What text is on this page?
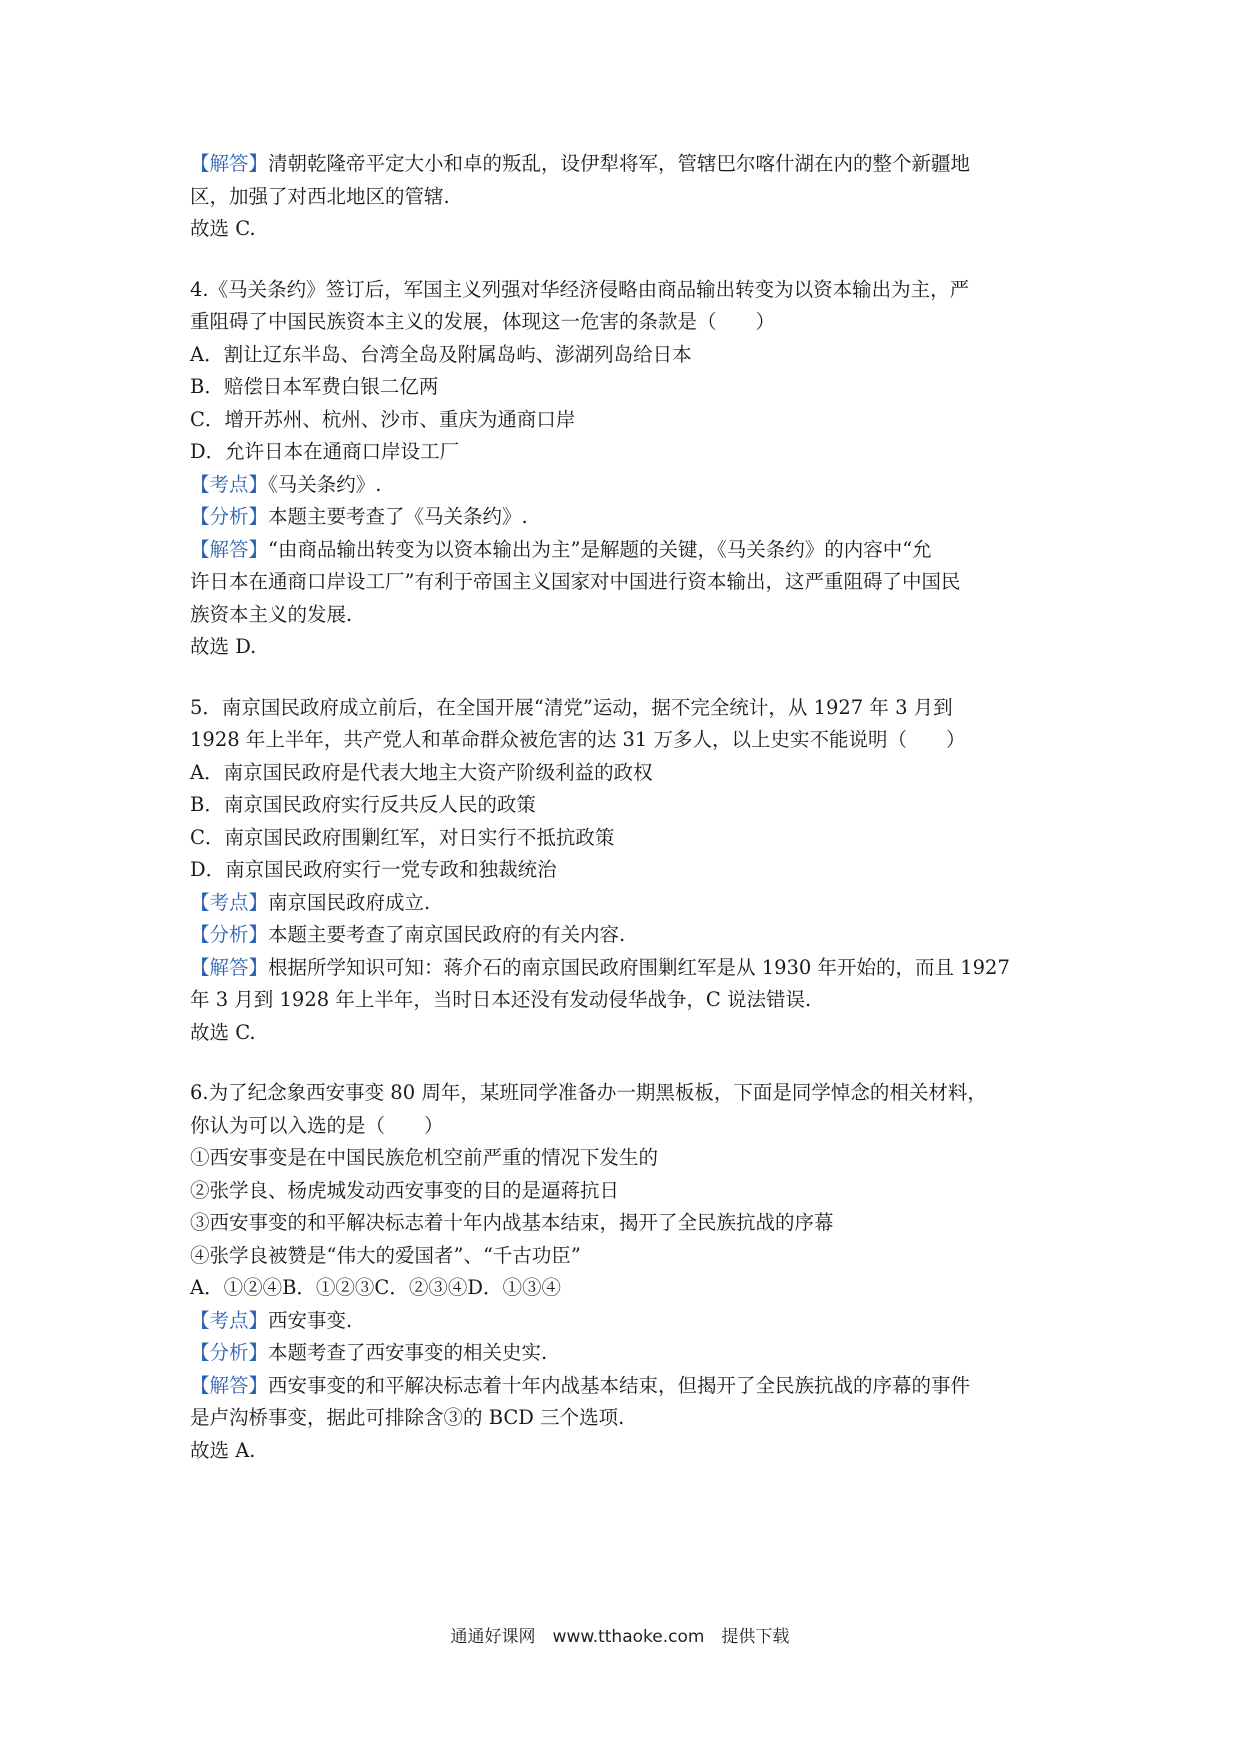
【解答】清朝乾隆帝平定大小和卓的叛乱，设伊犁将军，管辖巴尔喀什湖在内的整个新疆地
区，加强了对西北地区的管辖.
故选 C.
4.《马关条约》签订后，军国主义列强对华经济侵略由商品输出转变为以资本输出为主，严
重阻碍了中国民族资本主义的发展，体现这一危害的条款是（　　）
A．割让辽东半岛、台湾全岛及附属岛屿、澎湖列岛给日本
B．赔偿日本军费白银二亿两
C．增开苏州、杭州、沙市、重庆为通商口岸
D．允许日本在通商口岸设工厂
【考点】《马关条约》.
【分析】本题主要考查了《马关条约》.
【解答】“由商品输出转变为以资本输出为主”是解题的关键，《马关条约》的内容中“允
许日本在通商口岸设工厂”有利于帝国主义国家对中国进行资本输出，这严重阻碍了中国民
族资本主义的发展.
故选 D.
5．南京国民政府成立前后，在全国开展“清党”运动，据不完全统计，从 1927 年 3 月到
1928 年上半年，共产党人和革命群众被危害的达 31 万多人，以上史实不能说明（　　）
A．南京国民政府是代表大地主大资产阶级利益的政权
B．南京国民政府实行反共反人民的政策
C．南京国民政府围剿红军，对日实行不抵抗政策
D．南京国民政府实行一党专政和独裁统治
【考点】南京国民政府成立.
【分析】本题主要考查了南京国民政府的有关内容.
【解答】根据所学知识可知：蒋介石的南京国民政府围剿红军是从 1930 年开始的，而且 1927
年 3 月到 1928 年上半年，当时日本还没有发动侵华战争，C 说法错误.
故选 C.
6.为了纪念象西安事变 80 周年，某班同学准备办一期黑板板，下面是同学悼念的相关材料，
你认为可以入选的是（　　）
①西安事变是在中国民族危机空前严重的情况下发生的
②张学良、杨虎城发动西安事变的目的是逼蒋抗日
③西安事变的和平解决标志着十年内战基本结束，揭开了全民族抗战的序幕
④张学良被赞是“伟大的爱国者”、“千古功臣”
A．①②④B．①②③C．②③④D．①③④
【考点】西安事变.
【分析】本题考查了西安事变的相关史实.
【解答】西安事变的和平解决标志着十年内战基本结束，但揭开了全民族抗战的序幕的事件
是卢沟桥事变，据此可排除含③的 BCD 三个选项.
故选 A.
通通好课网　www.tthaoke.com　提供下载
